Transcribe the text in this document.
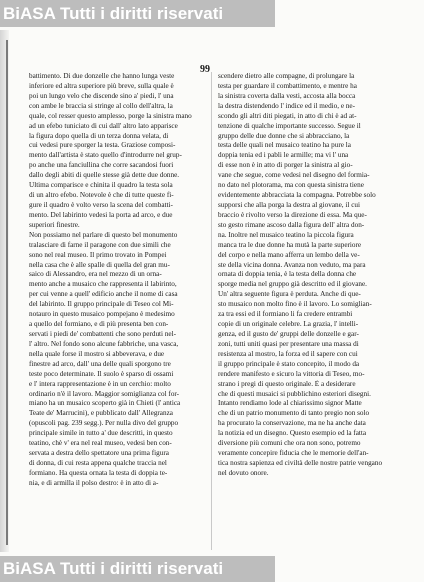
BiASA Tutti i diritti riservati
99
battimento. Di due donzelle che hanno lunga veste
inferiore ed altra superiore più breve, sulla quale è
poi un lungo velo che discende sino a' piedi, l' una
con ambe le braccia si stringe al collo dell'altra, la
quale, col resser questo amplesso, porge la sinistra mano
ad un efebo tuniciato di cui dall' altro lato apparisce
la figura dopo quella di un terza donna velata, di
cui vedesi pure sporger la testa. Graziose composi-
mento dall'artista è stato quello d'introdurre nel grup-
po anche una fanciullina che corre sacandosi fuori
dallo degli abiti di quelle stesse già dette due donne.
Ultima comparisce e chinita il quadro la testa sola
di un altro efebo. Notevole è che di tutte queste fi-
gure il quadro è volto verso la scena del combatti-
mento. Del labirinto vedesi la porta ad arco, e due
superiori finestre.
Non possiamo nel parlare di questo bel monumento
tralasciare di farne il paragone con due simili che
sono nel real museo. Il primo trovato in Pompei
nella casa che è alle spalle di quella del gran mu-
saico di Alessandro, era nel mezzo di un orna-
mento anche a musaico che rappresenta il labirinto,
per cui venne a quell' edificio anche il nome di casa
del labirinto. Il gruppo principale di Teseo col Mi-
notauro in questo musaico pompejano è medesimo
a quello del formiano, e di più presenta ben con-
servati i piedi de' combattenti che sono perduti nel-
l' altro. Nel fondo sono alcune fabbriche, una vasca,
nella quale forse il mostro si abbeverava, e due
finestre ad arco, dall' una delle quali sporgono tre
teste poco determinate. Il suolo è sparso di ossami
e l' intera rappresentazione è in un cerchio: molto
ordinario n'è il lavoro. Maggior somiglianza col for-
miano ha un musaico scoperto già in Chieti (l' antica
Teate de' Marrucini), e pubblicato dall' Allegranza
(opuscoli pag. 239 segg.). Per nulla divo del gruppo
principale simile in tutto a' due descritti, in questo
teatino, chè v' era nel real museo, vedesi ben con-
servata a destra dello spettatore una prima figura
di donna, di cui resta appena qualche traccia nel
formiano. Ha questa ornata la testa di doppia te-
nia, e di armilla il polso destro: è in atto di a-
scendere dietro alle compagne, di prolungare la
testa per guardare il combattimento, e mentre ha
la sinistra coverta dalla vesti, accosta alla bocca
la destra distendendo l' indice ed il medio, e ne-
scondo gli altri diti piegati, in atto di chi è ad at-
tenzione di qualche importante successo. Segue il
gruppo delle due donne che si abbracciano, la
testa delle quali nel musaico teatino ha pure la
doppia tenia ed i pabli le armille; ma vi l' una
di esse non è in atto di porger la sinistra al gio-
vane che segue, come vedesi nel disegno del formia-
no dato nel plotorama, ma con questa sinistra tiene
evidentemente abbracciata la compagna. Potrebbe solo
supporsi che alla porga la destra al giovane, il cui
braccio è rivolto verso la direzione di essa. Ma que-
sto gesto rimane ascoso dalla figura dell' altra don-
na. Inoltre nel musaico teatino la piccola figura
manca tra le due donne ha mutà la parte superiore
del corpo e nella mano afferra un lembo della ve-
ste della vicina donna. Avanza non veduto, ma para
ornata di doppia tenia, è la testa della donna che
sporge media nel gruppo già descritto ed il giovane.
Un' altra seguente figura è perduta. Anche di que-
sto musaico non molto fino è il lavoro. Lo somiglian-
za tra essi ed il formiano li fa credere entrambi
copie di un originale celebre. La grazia, l' intelli-
genza, ed il gusto de' gruppi delle donzelle e gar-
zoni, tutti uniti quasi per presentare una massa di
resistenza al mostro, la forza ed il sapere con cui
il gruppo principale è stato concepito, il modo da
rendere manifesto e sicuro la vittoria di Teseo, mo-
strano i pregi di questo originale. È a desiderare
che di questi musaici si pubblichino esteriori disegni.
Intanto rendiamo lode al chiarissimo signor Matte
che di un patrio monumento di tanto pregio non solo
ha procurato la conservazione, ma ne ha anche data
la notizia ed un disegno. Questo esempio ed la fatta
diversione più comuni che ora non sono, potremo
veramente concepire fiducia che le memorie dell'an-
tica nostra sapienza ed civiltà delle nostre patrie vengano
nel dovuto onore.
BiASA Tutti i diritti riservati
